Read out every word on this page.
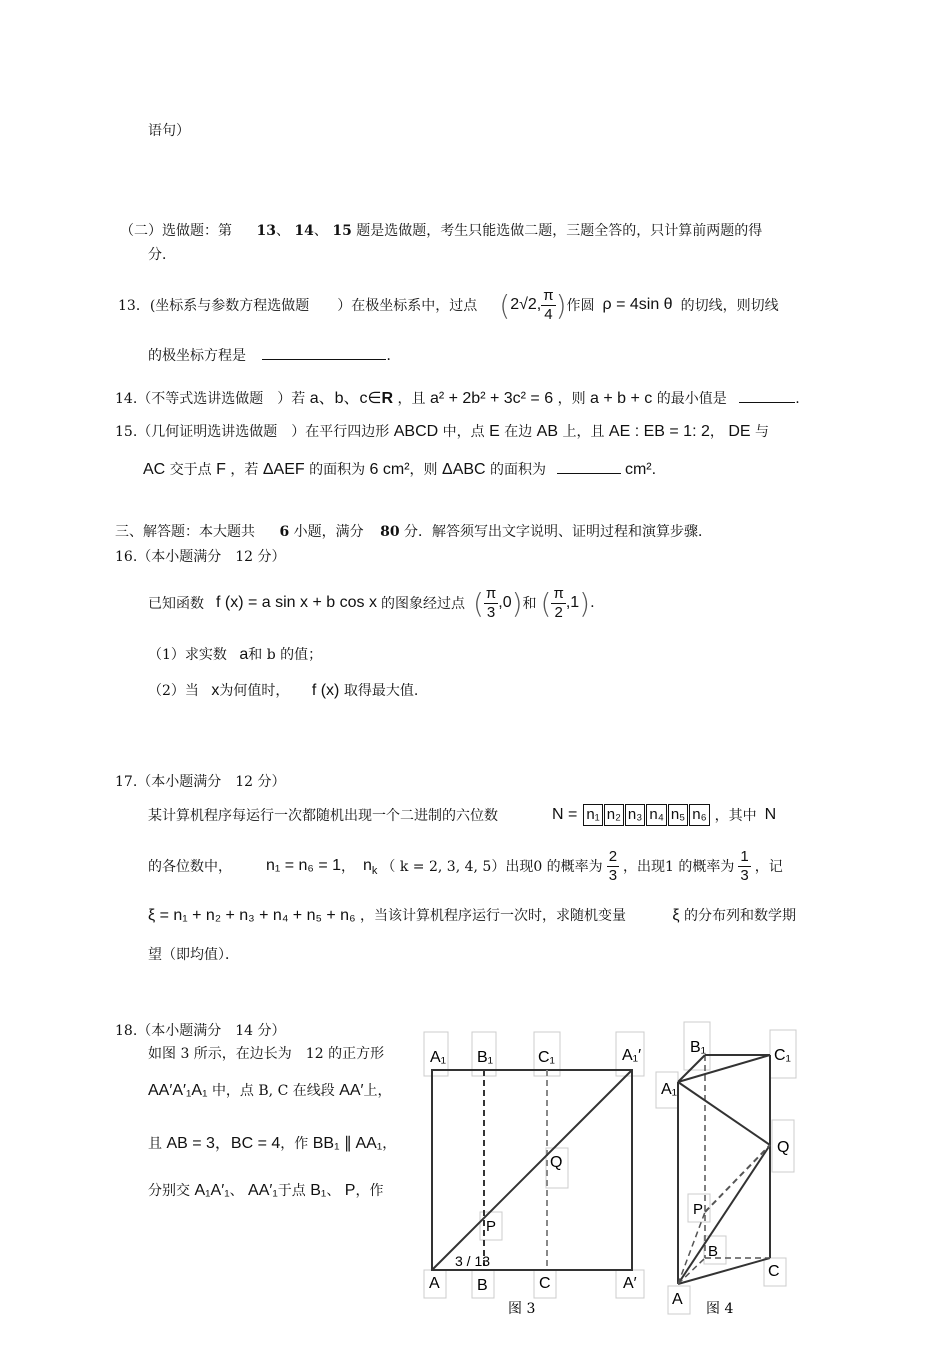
语句）
（二）选做题：第 13、 14、 15 题是选做题，考生只能选做二题，三题全答的，只计算前两题的得
分．
13．(坐标系与参数方程选做题　　）在极坐标系中，过点 ( 2√2, $\frac{\pi}{4}$ ) 作圆 ρ = 4sin θ 的切线，则切线
的极坐标方程是	．
14.（不等式选讲选做题　）若 a、b、c∈R ，且 a² + 2b² + 3c² = 6 ，则 a + b + c 的最小值是	.
15.（几何证明选讲选做题　）在平行四边形 ABCD 中，点 E 在边 AB 上，且 AE : EB = 1: 2， DE 与
AC 交于点 F ，若 ΔAEF 的面积为 6 cm²，则 ΔABC 的面积为	cm².
三、解答题：本大题共 6 小题，满分 80 分．解答须写出文字说明、证明过程和演算步骤．
16.（本小题满分　12 分）
已知函数 f (x) = a sin x + b cos x 的图象经过点 ( $\frac{\pi}{3} ,0$ ) 和 ( $\frac{\pi}{2} ,1$ ) .
（1）求实数 a和 b 的值；
（2）当 x为何值时， f (x) 取得最大值.
17.（本小题满分　12 分）
某计算机程序每运行一次都随机出现一个二进制的六位数	N = n₁ n₂ n₃ n₄ n₅ n₆ ，其中 N
的各位数中， n₁ = n₆ = 1 ， n k （ k = 2, 3, 4, 5）出现 0 的概率为 $\frac{2}{3}$ ，出现 1 的概率为 $\frac{1}{3}$ ，记
ξ = n₁ + n₂ + n₃ + n₄ + n₅ + n₆ ，当该计算机程序运行一次时，求随机变量	ξ 的分布列和数学期
望（即均值）．
18.（本小题满分　14 分）
如图 3 所示，在边长为　12 的正方形
AA′A′₁A₁ 中，点 B, C 在线段 AA′上，
且 AB = 3，BC = 4，作 BB₁ ∥ AA₁，
分别交 A₁A′₁、 AA′₁于点 B₁、 P，作
A₁ B₁	C₁	A₁′
Q
P
3 / 13
A B	C	A′
图 3
B₁	C₁
A₁
Q
P
B
C
A
图 4
